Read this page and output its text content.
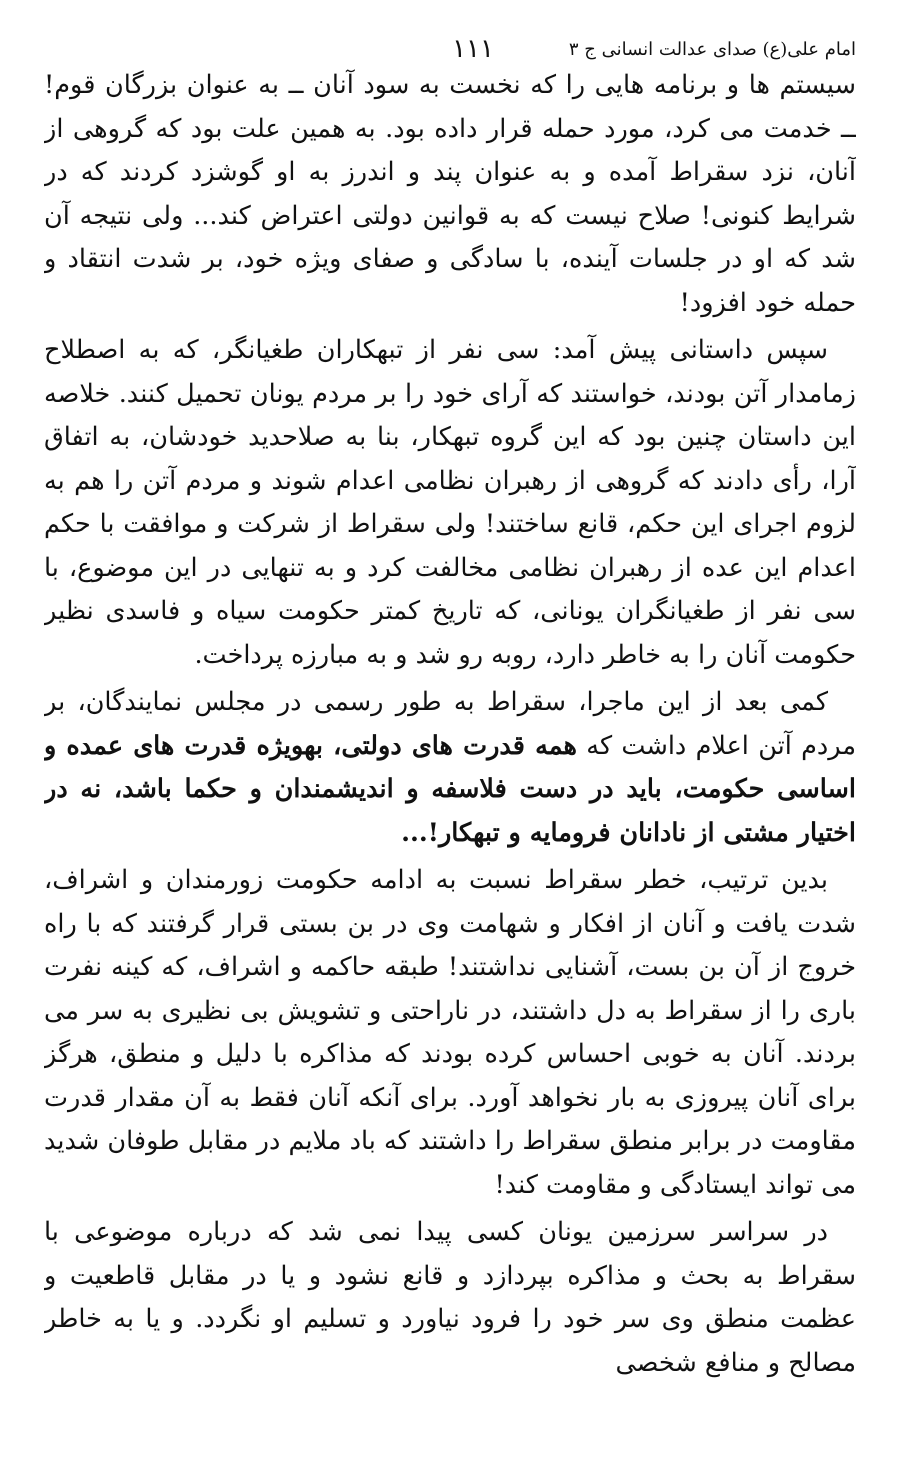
امام علی(ع) صدای عدالت انسانی ج ۳
۱۱۱

سیستم ها و برنامه هایی را که نخست به سود آنان ــ به عنوان بزرگان قوم! ــ خدمت می کرد، مورد حمله قرار داده بود. به همین علت بود که گروهی از آنان، نزد سقراط آمده و به عنوان پند و اندرز به او گوشزد کردند که در شرایط کنونی! صلاح نیست که به قوانین دولتی اعتراض کند... ولی نتیجه آن شد که او در جلسات آینده، با سادگی و صفای ویژه خود، بر شدت انتقاد و حمله خود افزود!

سپس داستانی پیش آمد: سی نفر از تبهکاران طغیانگر، که به اصطلاح زمامدار آتن بودند، خواستند که آرای خود را بر مردم یونان تحمیل کنند. خلاصه این داستان چنین بود که این گروه تبهکار، بنا به صلاحدید خودشان، به اتفاق آرا، رأی دادند که گروهی از رهبران نظامی اعدام شوند و مردم آتن را هم به لزوم اجرای این حکم، قانع ساختند! ولی سقراط از شرکت و موافقت با حکم اعدام این عده از رهبران نظامی مخالفت کرد و به تنهایی در این موضوع، با سی نفر از طغیانگران یونانی، که تاریخ کمتر حکومت سیاه و فاسدی نظیر حکومت آنان را به خاطر دارد، روبه رو شد و به مبارزه پرداخت.

کمی بعد از این ماجرا، سقراط به طور رسمی در مجلس نمایندگان، بر مردم آتن اعلام داشت که همه قدرت های دولتی، بهویژه قدرت های عمده و اساسی حکومت، باید در دست فلاسفه و اندیشمندان و حکما باشد، نه در اختیار مشتی از نادانان فرومایه و تبهکار!...

بدین ترتیب، خطر سقراط نسبت به ادامه حکومت زورمندان و اشراف، شدت یافت و آنان از افکار و شهامت وی در بن بستی قرار گرفتند که با راه خروج از آن بن بست، آشنایی نداشتند! طبقه حاکمه و اشراف، که کینه نفرت باری را از سقراط به دل داشتند، در ناراحتی و تشویش بی نظیری به سر می بردند. آنان به خوبی احساس کرده بودند که مذاکره با دلیل و منطق، هرگز برای آنان پیروزی به بار نخواهد آورد. برای آنکه آنان فقط به آن مقدار قدرت مقاومت در برابر منطق سقراط را داشتند که باد ملایم در مقابل طوفان شدید می تواند ایستادگی و مقاومت کند!

در سراسر سرزمین یونان کسی پیدا نمی شد که درباره موضوعی با سقراط به بحث و مذاکره بپردازد و قانع نشود و یا در مقابل قاطعیت و عظمت منطق وی سر خود را فرود نیاورد و تسلیم او نگردد. و یا به خاطر مصالح و منافع شخصی
